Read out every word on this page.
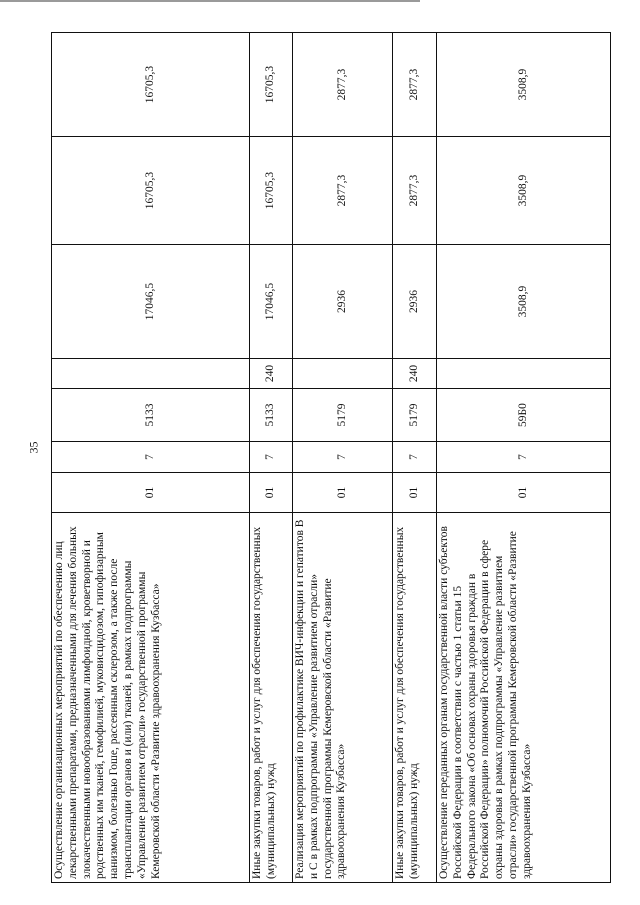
35
Осуществление организационных мероприятий по обеспечению лиц лекарственными препаратами, предназначенными для лечения больных злокачественными новообразованиями лимфоидной, кроветворной и родственных им тканей, гемофилией, муковисцидозом, гипофизарным нанизмом, болезнью Гоше, рассеянным склерозом, а также после трансплантации органов и (или) тканей, в рамках подпрограммы «Управление развитием отрасли» государственной программы Кемеровской области «Развитие здравоохранения Кузбасса»	01	7	5133		17046,5	16705,3	16705,3
Иные закупки товаров, работ и услуг для обеспечения государственных (муниципальных) нужд	01	7	5133	240	17046,5	16705,3	16705,3
Реализация мероприятий по профилактике ВИЧ-инфекции и гепатитов B и C в рамках подпрограммы «Управление развитием отрасли» государственной программы Кемеровской области «Развитие здравоохранения Кузбасса»	01	7	5179		2936	2877,3	2877,3
Иные закупки товаров, работ и услуг для обеспечения государственных (муниципальных) нужд	01	7	5179	240	2936	2877,3	2877,3
Осуществление переданных органам государственной власти субъектов Российской Федерации в соответствии с частью 1 статьи 15 Федерального закона «Об основах охраны здоровья граждан в Российской Федерации» полномочий Российской Федерации в сфере охраны здоровья в рамках подпрограммы «Управление развитием отрасли» государственной программы Кемеровской области «Развитие здравоохранения Кузбасса»	01	7	59Б0		3508,9	3508,9	3508,9
